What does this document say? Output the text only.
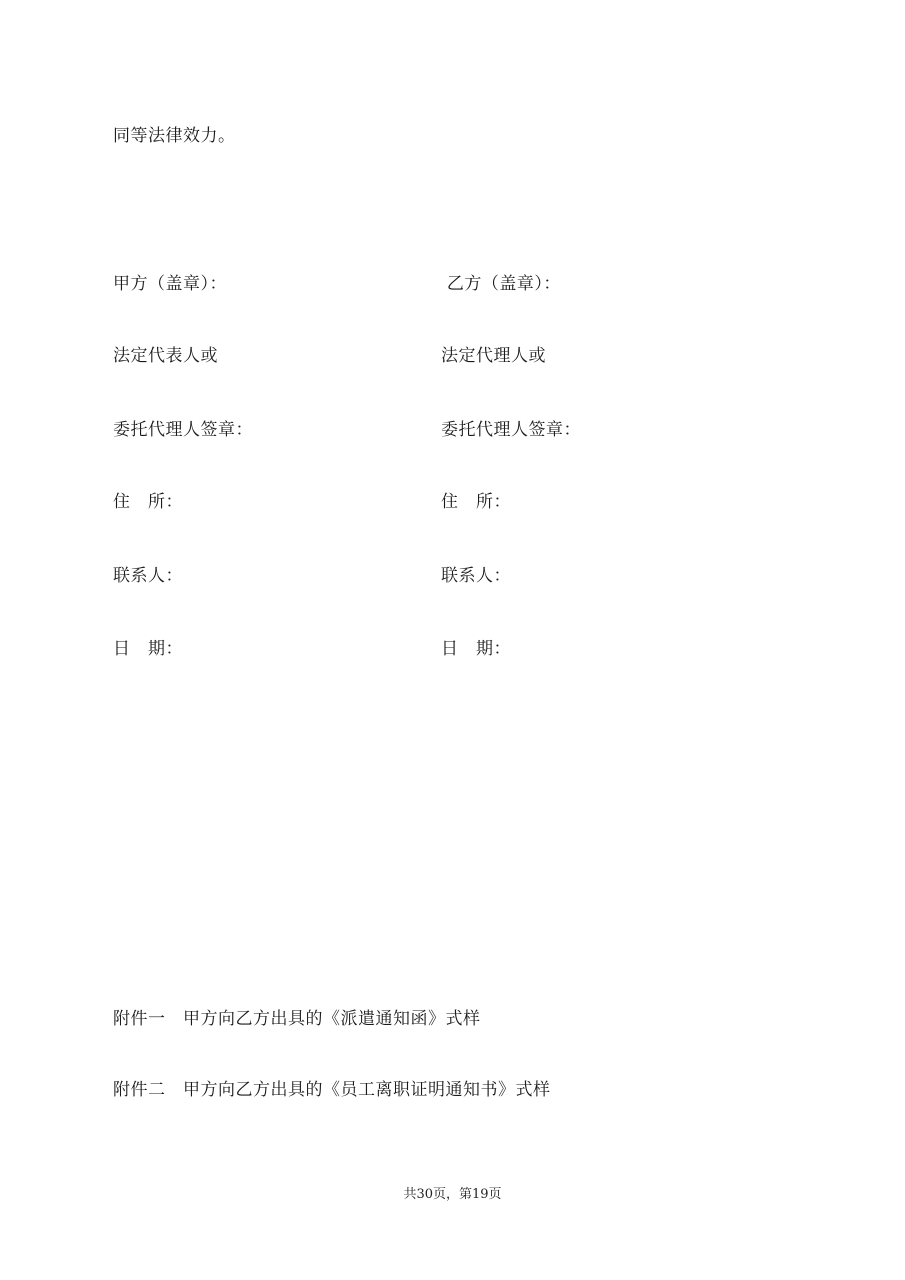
同等法律效力。
甲方（盖章）：
法定代表人或
委托代理人签章：
住　所：
联系人：
日　期：
乙方（盖章）：
法定代理人或
委托代理人签章：
住　所：
联系人：
日　期：
附件一　甲方向乙方出具的《派遣通知函》式样
附件二　甲方向乙方出具的《员工离职证明通知书》式样
共30页，第19页
